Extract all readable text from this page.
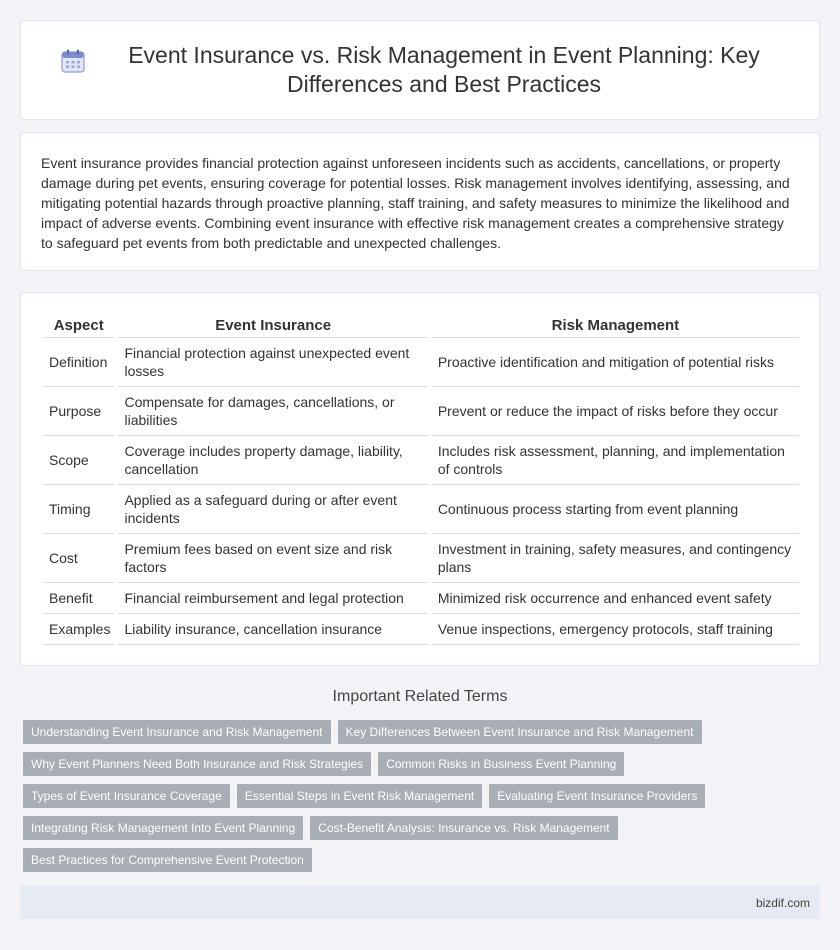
Event Insurance vs. Risk Management in Event Planning: Key Differences and Best Practices

Event insurance provides financial protection against unforeseen incidents such as accidents, cancellations, or property damage during pet events, ensuring coverage for potential losses. Risk management involves identifying, assessing, and mitigating potential hazards through proactive planning, staff training, and safety measures to minimize the likelihood and impact of adverse events. Combining event insurance with effective risk management creates a comprehensive strategy to safeguard pet events from both predictable and unexpected challenges.

Aspect	Event Insurance	Risk Management
Definition	Financial protection against unexpected event losses	Proactive identification and mitigation of potential risks
Purpose	Compensate for damages, cancellations, or liabilities	Prevent or reduce the impact of risks before they occur
Scope	Coverage includes property damage, liability, cancellation	Includes risk assessment, planning, and implementation of controls
Timing	Applied as a safeguard during or after event incidents	Continuous process starting from event planning
Cost	Premium fees based on event size and risk factors	Investment in training, safety measures, and contingency plans
Benefit	Financial reimbursement and legal protection	Minimized risk occurrence and enhanced event safety
Examples	Liability insurance, cancellation insurance	Venue inspections, emergency protocols, staff training
Important Related Terms
Understanding Event Insurance and Risk Management	Key Differences Between Event Insurance and Risk Management
Why Event Planners Need Both Insurance and Risk Strategies	Common Risks in Business Event Planning
Types of Event Insurance Coverage	Essential Steps in Event Risk Management	Evaluating Event Insurance Providers
Integrating Risk Management Into Event Planning	Cost-Benefit Analysis: Insurance vs. Risk Management
Best Practices for Comprehensive Event Protection
bizdif.com
